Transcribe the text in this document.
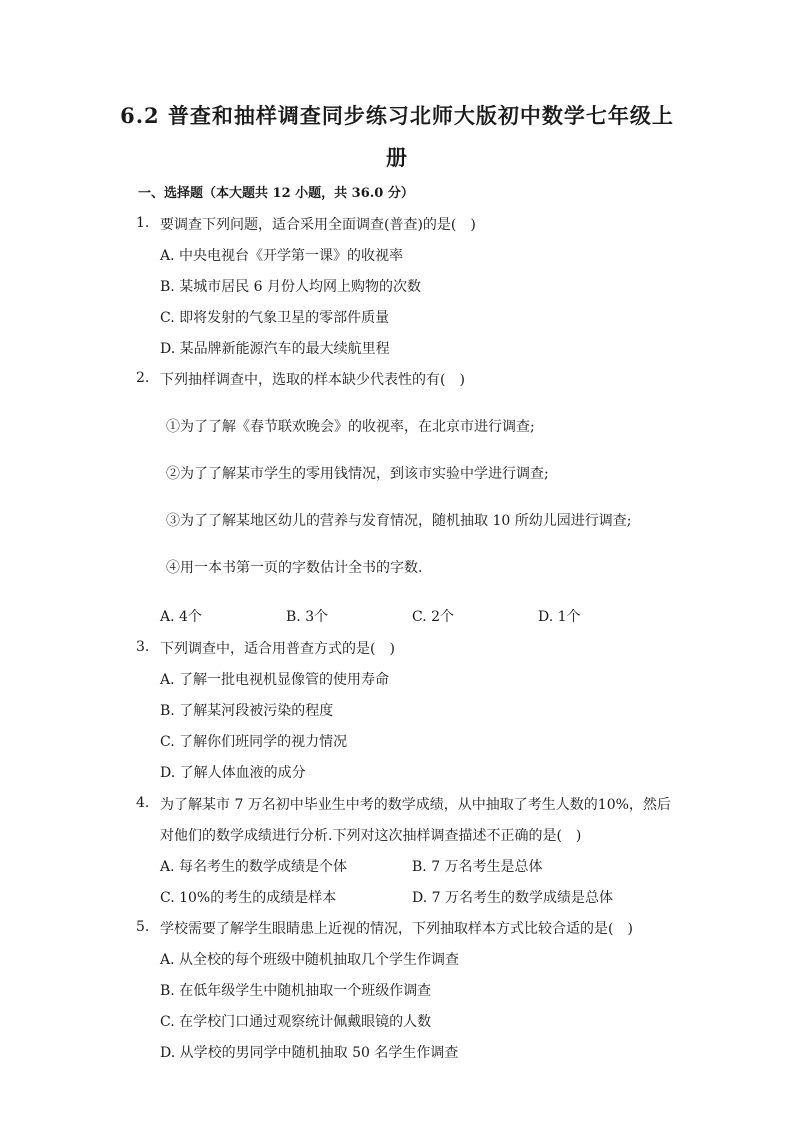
6.2 普查和抽样调查同步练习北师大版初中数学七年级上
册
一、选择题（本大题共 12 小题，共 36.0 分）
1. 要调查下列问题，适合采用全面调查(普查)的是(　)
A. 中央电视台《开学第一课》的收视率
B. 某城市居民 6 月份人均网上购物的次数
C. 即将发射的气象卫星的零部件质量
D. 某品牌新能源汽车的最大续航里程
2. 下列抽样调查中，选取的样本缺少代表性的有(　)
①为了了解《春节联欢晚会》的收视率，在北京市进行调查;
②为了了解某市学生的零用钱情况，到该市实验中学进行调查;
③为了了解某地区幼儿的营养与发育情况，随机抽取 10 所幼儿园进行调查;
④用一本书第一页的字数估计全书的字数.
A. 4个	B. 3个	C. 2个	D. 1个
3. 下列调查中，适合用普查方式的是(　)
A. 了解一批电视机显像管的使用寿命
B. 了解某河段被污染的程度
C. 了解你们班同学的视力情况
D. 了解人体血液的成分
4. 为了解某市 7 万名初中毕业生中考的数学成绩，从中抽取了考生人数的10%，然后
对他们的数学成绩进行分析.下列对这次抽样调查描述不正确的是(　)
A. 每名考生的数学成绩是个体	B. 7 万名考生是总体
C. 10%的考生的成绩是样本	D. 7 万名考生的数学成绩是总体
5. 学校需要了解学生眼睛患上近视的情况，下列抽取样本方式比较合适的是(　)
A. 从全校的每个班级中随机抽取几个学生作调查
B. 在低年级学生中随机抽取一个班级作调查
C. 在学校门口通过观察统计佩戴眼镜的人数
D. 从学校的男同学中随机抽取 50 名学生作调查
